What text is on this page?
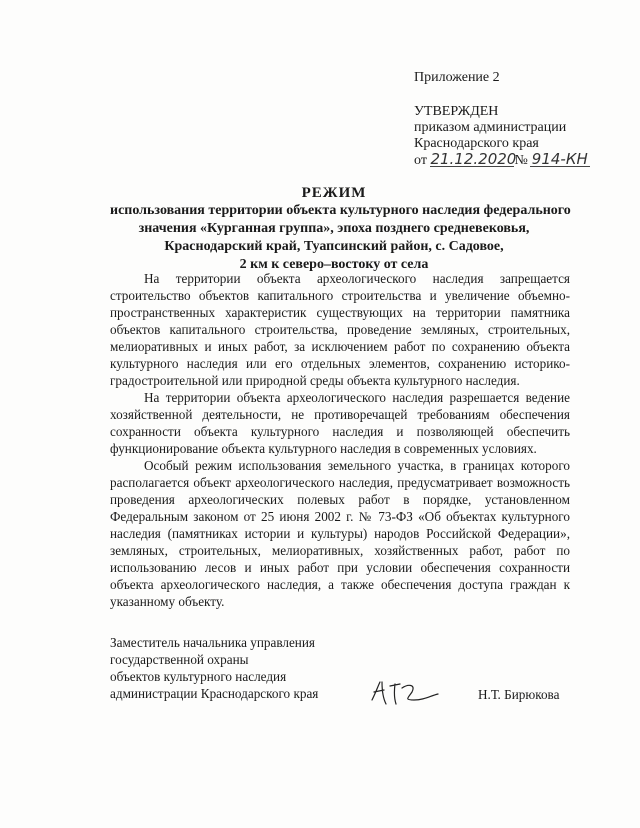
Приложение 2
УТВЕРЖДЕН
приказом администрации
Краснодарского края
от 21.12.2020№ 914-КН
РЕЖИМ
использования территории объекта культурного наследия федерального
значения «Курганная группа», эпоха позднего средневековья,
Краснодарский край, Туапсинский район, с. Садовое,
2 км к северо–востоку от села

На территории объекта археологического наследия запрещается строительство объектов капитального строительства и увеличение объемно-пространственных характеристик существующих на территории памятника объектов капитального строительства, проведение земляных, строительных, мелиоративных и иных работ, за исключением работ по сохранению объекта культурного наследия или его отдельных элементов, сохранению историко-градостроительной или природной среды объекта культурного наследия.

На территории объекта археологического наследия разрешается ведение хозяйственной деятельности, не противоречащей требованиям обеспечения сохранности объекта культурного наследия и позволяющей обеспечить функционирование объекта культурного наследия в современных условиях.

Особый режим использования земельного участка, в границах которого располагается объект археологического наследия, предусматривает возможность проведения археологических полевых работ в порядке, установленном Федеральным законом от 25 июня 2002 г. № 73-ФЗ «Об объектах культурного наследия (памятниках истории и культуры) народов Российской Федерации», земляных, строительных, мелиоративных, хозяйственных работ, работ по использованию лесов и иных работ при условии обеспечения сохранности объекта археологического наследия, а также обеспечения доступа граждан к указанному объекту.

Заместитель начальника управления
государственной охраны
объектов культурного наследия
администрации Краснодарского края	Н.Т. Бирюкова
